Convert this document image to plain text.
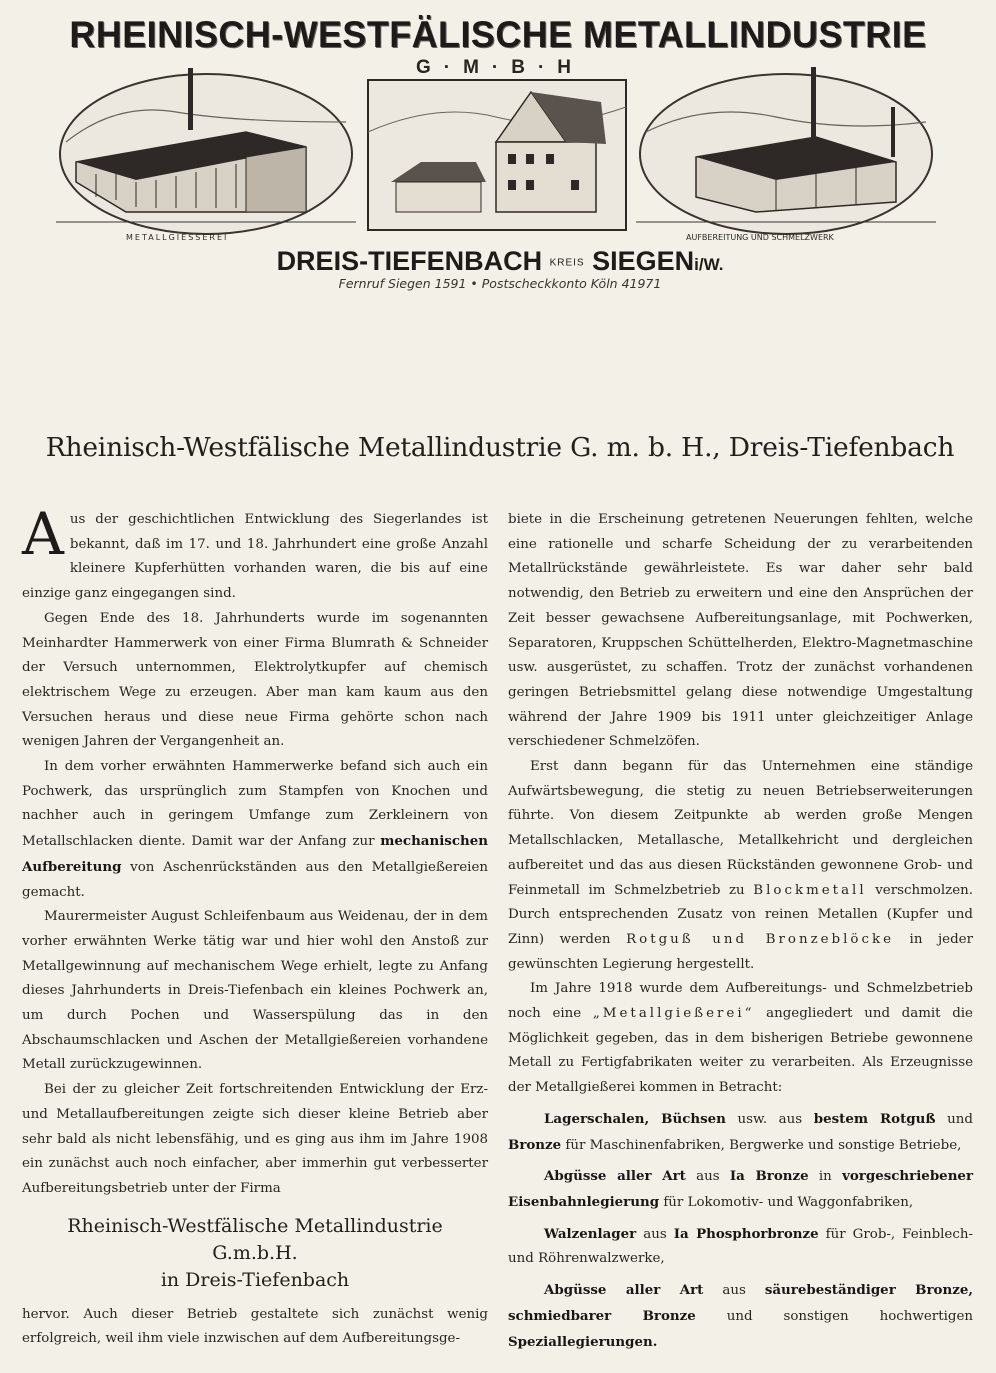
RHEINISCH-WESTFÄLISCHE METALLINDUSTRIE
G·M·B·H
METALLGIESSEREI	AUFBEREITUNG UND SCHMELZWERK
DREIS-TIEFENBACH KREIS SIEGENi/W.
Fernruf Siegen 1591 • Postscheckkonto Köln 41971
Rheinisch-Westfälische Metallindustrie G. m. b. H., Dreis-Tiefenbach

Aus der geschichtlichen Entwicklung des Siegerlandes ist bekannt, daß im 17. und 18. Jahrhundert eine große Anzahl kleinere Kupferhütten vorhanden waren, die bis auf eine einzige ganz eingegangen sind.

Gegen Ende des 18. Jahrhunderts wurde im sogenannten Meinhardter Hammerwerk von einer Firma Blumrath & Schneider der Versuch unternommen, Elektrolytkupfer auf chemisch elektrischem Wege zu erzeugen. Aber man kam kaum aus den Versuchen heraus und diese neue Firma gehörte schon nach wenigen Jahren der Vergangenheit an.

In dem vorher erwähnten Hammerwerke befand sich auch ein Pochwerk, das ursprünglich zum Stampfen von Knochen und nachher auch in geringem Umfange zum Zerkleinern von Metallschlacken diente. Damit war der Anfang zur mechanischen Aufbereitung von Aschenrückständen aus den Metallgießereien gemacht.

Maurermeister August Schleifenbaum aus Weidenau, der in dem vorher erwähnten Werke tätig war und hier wohl den Anstoß zur Metallgewinnung auf mechanischem Wege erhielt, legte zu Anfang dieses Jahrhunderts in Dreis-Tiefenbach ein kleines Pochwerk an, um durch Pochen und Wasserspülung das in den Abschaumschlacken und Aschen der Metallgießereien vorhandene Metall zurückzugewinnen.

Bei der zu gleicher Zeit fortschreitenden Entwicklung der Erz- und Metallaufbereitungen zeigte sich dieser kleine Betrieb aber sehr bald als nicht lebensfähig, und es ging aus ihm im Jahre 1908 ein zunächst auch noch einfacher, aber immerhin gut verbesserter Aufbereitungsbetrieb unter der Firma

Rheinisch-Westfälische Metallindustrie G.m.b.H.
in Dreis-Tiefenbach

hervor. Auch dieser Betrieb gestaltete sich zunächst wenig erfolgreich, weil ihm viele inzwischen auf dem Aufbereitungsge-

biete in die Erscheinung getretenen Neuerungen fehlten, welche eine rationelle und scharfe Scheidung der zu verarbeitenden Metallrückstände gewährleistete. Es war daher sehr bald notwendig, den Betrieb zu erweitern und eine den Ansprüchen der Zeit besser gewachsene Aufbereitungsanlage, mit Pochwerken, Separatoren, Kruppschen Schüttelherden, Elektro-Magnetmaschine usw. ausgerüstet, zu schaffen. Trotz der zunächst vorhandenen geringen Betriebsmittel gelang diese notwendige Umgestaltung während der Jahre 1909 bis 1911 unter gleichzeitiger Anlage verschiedener Schmelzöfen.

Erst dann begann für das Unternehmen eine ständige Aufwärtsbewegung, die stetig zu neuen Betriebserweiterungen führte. Von diesem Zeitpunkte ab werden große Mengen Metallschlacken, Metallasche, Metallkehricht und dergleichen aufbereitet und das aus diesen Rückständen gewonnene Grob- und Feinmetall im Schmelzbetrieb zu Blockmetall verschmolzen. Durch entsprechenden Zusatz von reinen Metallen (Kupfer und Zinn) werden Rotguß und Bronzeblöcke in jeder gewünschten Legierung hergestellt.

Im Jahre 1918 wurde dem Aufbereitungs- und Schmelzbetrieb noch eine „Metallgießerei“ angegliedert und damit die Möglichkeit gegeben, das in dem bisherigen Betriebe gewonnene Metall zu Fertigfabrikaten weiter zu verarbeiten. Als Erzeugnisse der Metallgießerei kommen in Betracht:

Lagerschalen, Büchsen usw. aus bestem Rotguß und Bronze für Maschinenfabriken, Bergwerke und sonstige Betriebe,

Abgüsse aller Art aus Ia Bronze in vorgeschriebener Eisenbahnlegierung für Lokomotiv- und Waggonfabriken,

Walzenlager aus Ia Phosphorbronze für Grob-, Feinblech- und Röhrenwalzwerke,

Abgüsse aller Art aus säurebeständiger Bronze, schmiedbarer Bronze und sonstigen hochwertigen Speziallegierungen.
